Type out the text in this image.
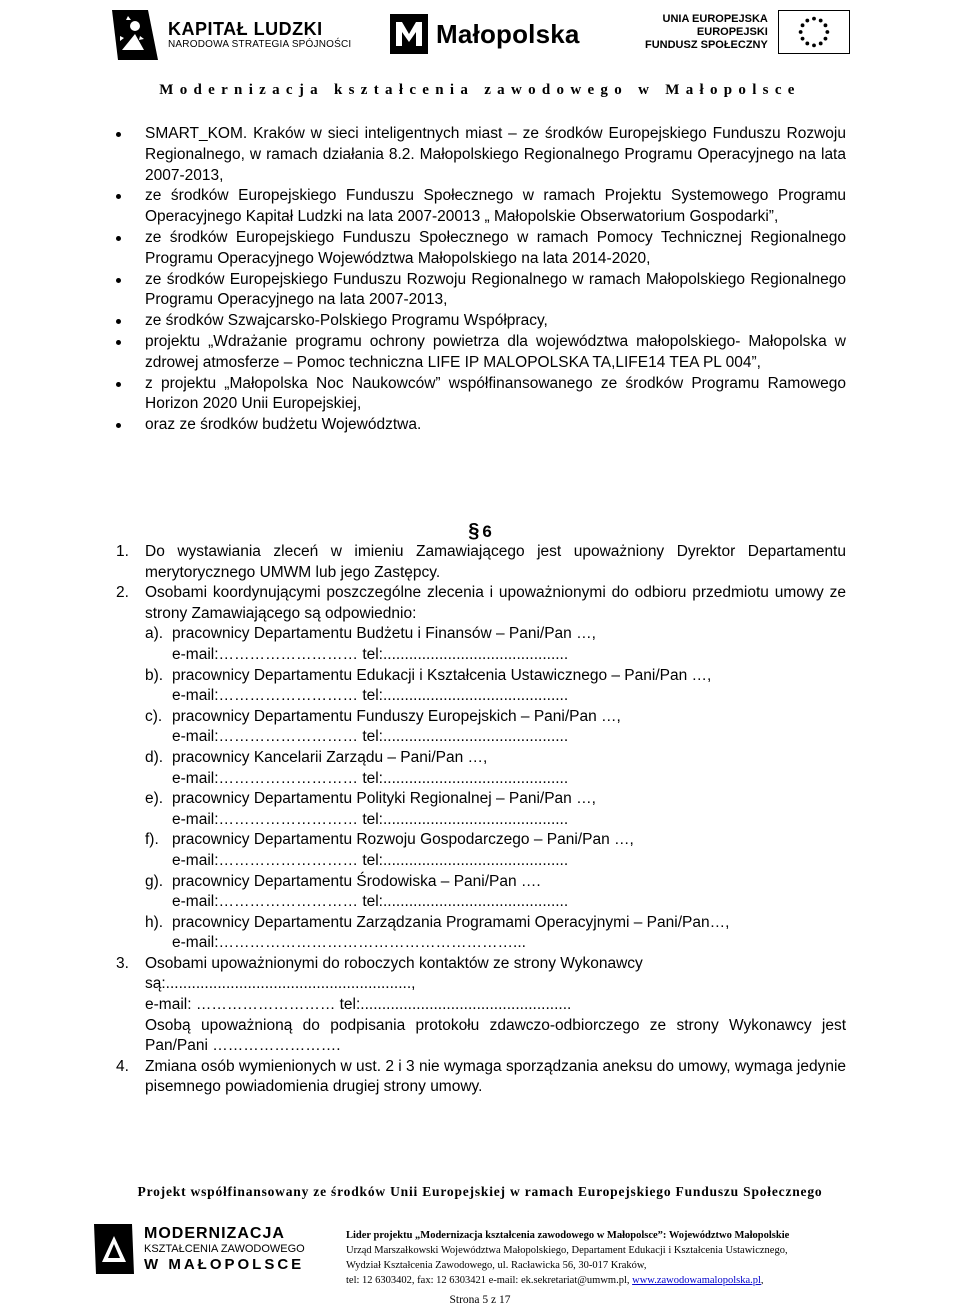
KAPITAŁ LUDZKI
NARODOWA STRATEGIA SPÓJNOŚCI	Małopolska	UNIA EUROPEJSKA
EUROPEJSKI
FUNDUSZ SPOŁECZNY
Modernizacja kształcenia zawodowego w Małopolsce
SMART_KOM. Kraków w sieci inteligentnych miast – ze środków Europejskiego Funduszu Rozwoju Regionalnego, w ramach działania 8.2. Małopolskiego Regionalnego Programu Operacyjnego na lata 2007-2013,
ze środków Europejskiego Funduszu Społecznego w ramach Projektu Systemowego Programu Operacyjnego Kapitał Ludzki na lata 2007-20013 „ Małopolskie Obserwatorium Gospodarki”,
ze środków Europejskiego Funduszu Społecznego w ramach Pomocy Technicznej Regionalnego Programu Operacyjnego Województwa Małopolskiego na lata 2014-2020,
ze środków Europejskiego Funduszu Rozwoju Regionalnego w ramach Małopolskiego Regionalnego Programu Operacyjnego na lata 2007-2013,
ze środków Szwajcarsko-Polskiego Programu Współpracy,
projektu „Wdrażanie programu ochrony powietrza dla województwa małopolskiego- Małopolska w zdrowej atmosferze – Pomoc techniczna LIFE IP MALOPOLSKA TA,LIFE14 TEA PL 004”,
z projektu „Małopolska Noc Naukowców” współfinansowanego ze środków Programu Ramowego Horizon 2020 Unii Europejskiej,
oraz ze środków budżetu Województwa.
§ 6
1. Do wystawiania zleceń w imieniu Zamawiającego jest upoważniony Dyrektor Departamentu merytorycznego UMWM lub jego Zastępcy.
2. Osobami koordynującymi poszczególne zlecenia i upoważnionymi do odbioru przedmiotu umowy ze strony Zamawiającego są odpowiednio:
a). pracownicy Departamentu Budżetu i Finansów – Pani/Pan …,
e-mail:……………………… tel:...........................................
b). pracownicy Departamentu Edukacji i Kształcenia Ustawicznego – Pani/Pan …,
e-mail:……………………… tel:...........................................
c). pracownicy Departamentu Funduszy Europejskich – Pani/Pan …,
e-mail:……………………… tel:...........................................
d). pracownicy Kancelarii Zarządu – Pani/Pan …,
e-mail:……………………… tel:...........................................
e). pracownicy Departamentu Polityki Regionalnej – Pani/Pan …,
e-mail:……………………… tel:...........................................
f). pracownicy Departamentu Rozwoju Gospodarczego – Pani/Pan …,
e-mail:……………………… tel:...........................................
g). pracownicy Departamentu Środowiska – Pani/Pan ….
e-mail:……………………… tel:...........................................
h). pracownicy Departamentu Zarządzania Programami Operacyjnymi – Pani/Pan…,
e-mail:…………………………………………………...
3. Osobami upoważnionymi do roboczych kontaktów ze strony Wykonawcy
są:.........................................................,
e-mail: ……………………… tel:.................................................
Osobą upoważnioną do podpisania protokołu zdawczo-odbiorczego ze strony Wykonawcy jest Pan/Pani …………………….
4. Zmiana osób wymienionych w ust. 2 i 3 nie wymaga sporządzania aneksu do umowy, wymaga jedynie pisemnego powiadomienia drugiej strony umowy.
Projekt współfinansowany ze środków Unii Europejskiej w ramach Europejskiego Funduszu Społecznego
MODERNIZACJA
KSZTAŁCENIA ZAWODOWEGO
W MAŁOPOLSCE
Lider projektu „Modernizacja kształcenia zawodowego w Małopolsce”: Województwo Małopolskie
Urząd Marszałkowski Województwa Małopolskiego, Departament Edukacji i Kształcenia Ustawicznego,
Wydział Kształcenia Zawodowego, ul. Racławicka 56, 30-017 Kraków,
tel: 12 6303402, fax: 12 6303421 e-mail: ek.sekretariat@umwm.pl, www.zawodowamalopolska.pl,
Strona 5 z 17
